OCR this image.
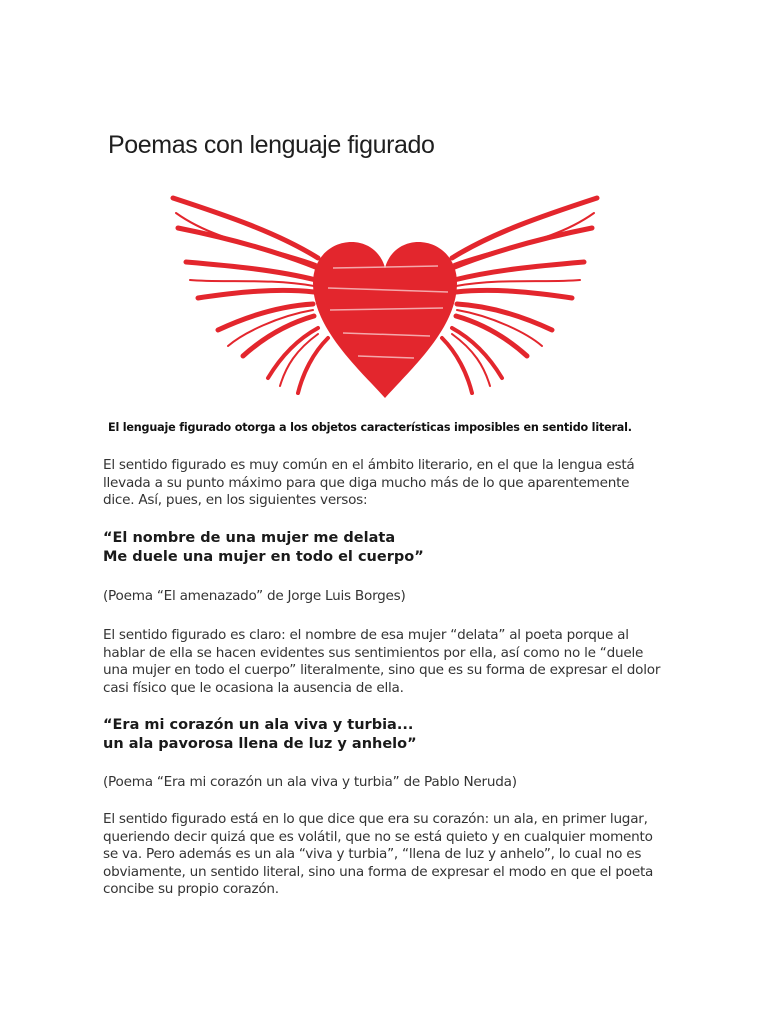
Poemas con lenguaje figurado

El lenguaje figurado otorga a los objetos características imposibles en sentido literal.

El sentido figurado es muy común en el ámbito literario, en el que la lengua está llevada a su punto máximo para que diga mucho más de lo que aparentemente dice. Así, pues, en los siguientes versos:

“El nombre de una mujer me delata
Me duele una mujer en todo el cuerpo”

(Poema “El amenazado” de Jorge Luis Borges)

El sentido figurado es claro: el nombre de esa mujer “delata” al poeta porque al hablar de ella se hacen evidentes sus sentimientos por ella, así como no le “duele una mujer en todo el cuerpo” literalmente, sino que es su forma de expresar el dolor casi físico que le ocasiona la ausencia de ella.

“Era mi corazón un ala viva y turbia...
un ala pavorosa llena de luz y anhelo”

(Poema “Era mi corazón un ala viva y turbia” de Pablo Neruda)

El sentido figurado está en lo que dice que era su corazón: un ala, en primer lugar, queriendo decir quizá que es volátil, que no se está quieto y en cualquier momento se va. Pero además es un ala “viva y turbia”, “llena de luz y anhelo”, lo cual no es obviamente, un sentido literal, sino una forma de expresar el modo en que el poeta concibe su propio corazón.
